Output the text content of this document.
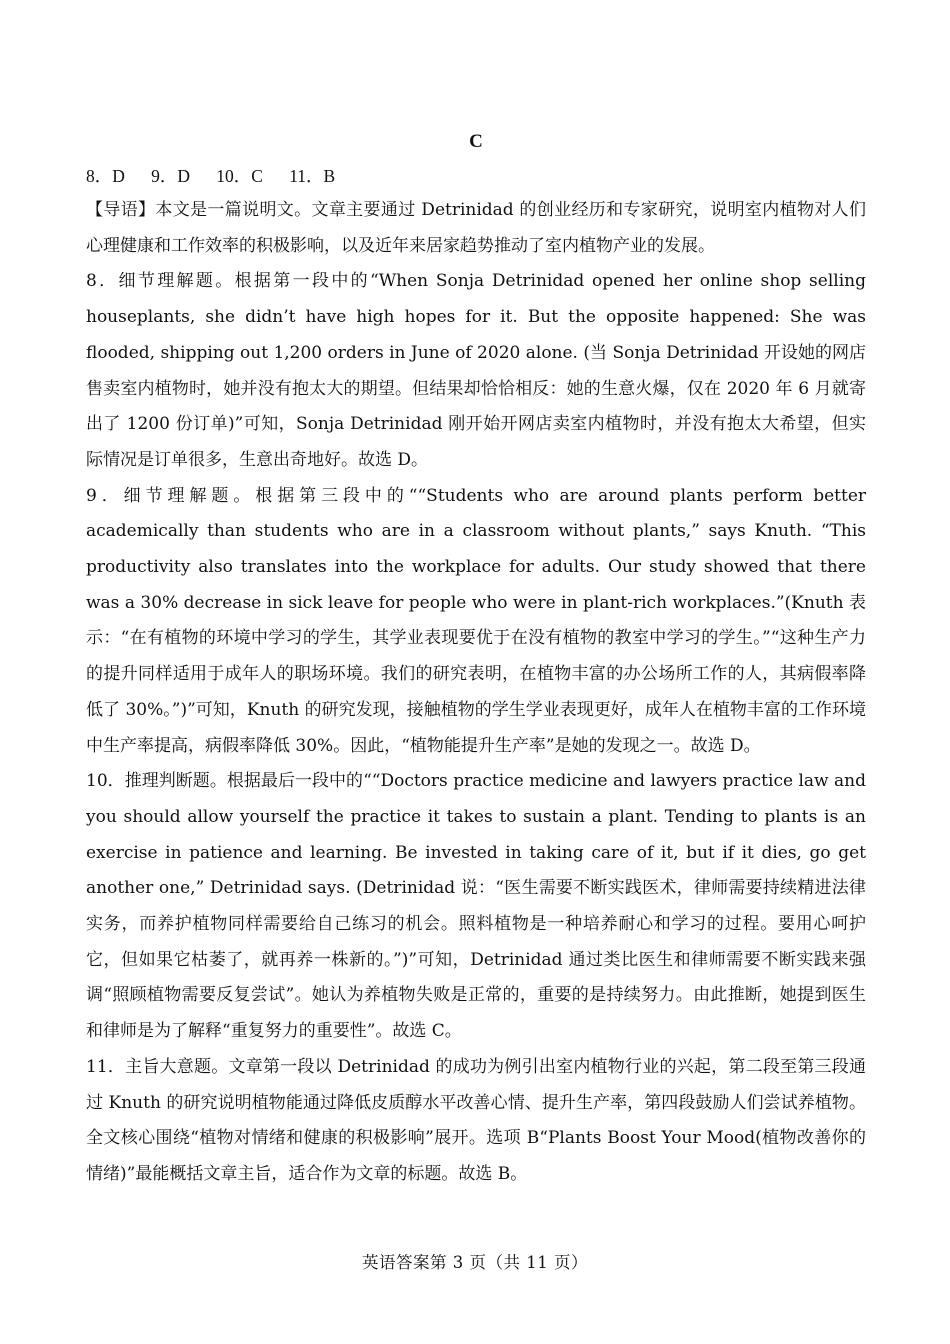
C
8．D      9．D      10．C      11．B

【导语】本文是一篇说明文。文章主要通过 Detrinidad 的创业经历和专家研究，说明室内植物对人们心理健康和工作效率的积极影响，以及近年来居家趋势推动了室内植物产业的发展。

8．细节理解题。根据第一段中的“When Sonja Detrinidad opened her online shop selling houseplants, she didn’t have high hopes for it. But the opposite happened: She was flooded, shipping out 1,200 orders in June of 2020 alone. (当 Sonja Detrinidad 开设她的网店售卖室内植物时，她并没有抱太大的期望。但结果却恰恰相反：她的生意火爆，仅在 2020 年 6 月就寄出了 1200 份订单)”可知，Sonja Detrinidad 刚开始开网店卖室内植物时，并没有抱太大希望，但实际情况是订单很多，生意出奇地好。故选 D。

9．细节理解题。根据第三段中的““Students who are around plants perform better academically than students who are in a classroom without plants,” says Knuth. “This productivity also translates into the workplace for adults. Our study showed that there was a 30% decrease in sick leave for people who were in plant-rich workplaces.”(Knuth 表示：“在有植物的环境中学习的学生，其学业表现要优于在没有植物的教室中学习的学生。”“这种生产力的提升同样适用于成年人的职场环境。我们的研究表明，在植物丰富的办公场所工作的人，其病假率降低了 30%。”)”可知，Knuth 的研究发现，接触植物的学生学业表现更好，成年人在植物丰富的工作环境中生产率提高，病假率降低 30%。因此，“植物能提升生产率”是她的发现之一。故选 D。

10．推理判断题。根据最后一段中的““Doctors practice medicine and lawyers practice law and you should allow yourself the practice it takes to sustain a plant. Tending to plants is an exercise in patience and learning. Be invested in taking care of it, but if it dies, go get another one,” Detrinidad says. (Detrinidad 说：“医生需要不断实践医术，律师需要持续精进法律实务，而养护植物同样需要给自己练习的机会。照料植物是一种培养耐心和学习的过程。要用心呵护它，但如果它枯萎了，就再养一株新的。”)”可知，Detrinidad 通过类比医生和律师需要不断实践来强调“照顾植物需要反复尝试”。她认为养植物失败是正常的，重要的是持续努力。由此推断，她提到医生和律师是为了解释“重复努力的重要性”。故选 C。

11．主旨大意题。文章第一段以 Detrinidad 的成功为例引出室内植物行业的兴起，第二段至第三段通过 Knuth 的研究说明植物能通过降低皮质醇水平改善心情、提升生产率，第四段鼓励人们尝试养植物。全文核心围绕“植物对情绪和健康的积极影响”展开。选项 B“Plants Boost Your Mood(植物改善你的情绪)”最能概括文章主旨，适合作为文章的标题。故选 B。

英语答案第 3 页（共 11 页）
